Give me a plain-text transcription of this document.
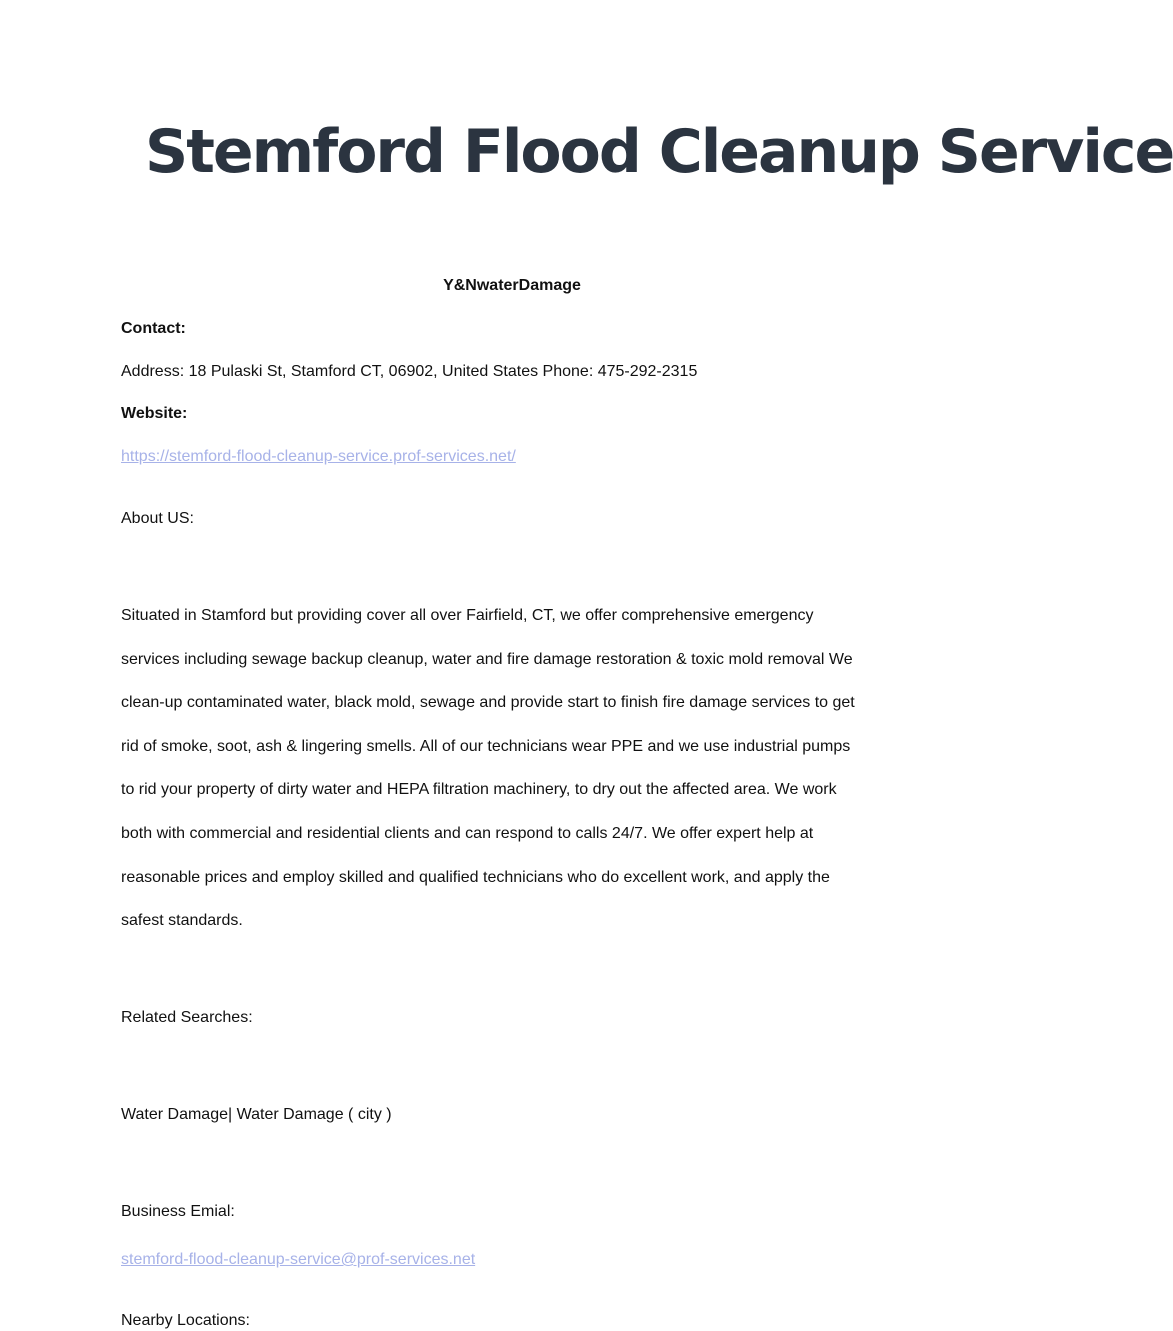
Stemford Flood Cleanup Service
Y&NwaterDamage
Contact:
Address: 18 Pulaski St, Stamford CT, 06902, United States Phone: 475-292-2315
Website:
https://stemford-flood-cleanup-service.prof-services.net/
About US:
Situated in Stamford but providing cover all over Fairfield, CT, we offer comprehensive emergency
services including sewage backup cleanup, water and fire damage restoration & toxic mold removal We
clean-up contaminated water, black mold, sewage and provide start to finish fire damage services to get
rid of smoke, soot, ash & lingering smells. All of our technicians wear PPE and we use industrial pumps
to rid your property of dirty water and HEPA filtration machinery, to dry out the affected area. We work
both with commercial and residential clients and can respond to calls 24/7. We offer expert help at
reasonable prices and employ skilled and qualified technicians who do excellent work, and apply the
safest standards.
Related Searches:
Water Damage| Water Damage ( city )
Business Emial:
stemford-flood-cleanup-service@prof-services.net
Nearby Locations:
